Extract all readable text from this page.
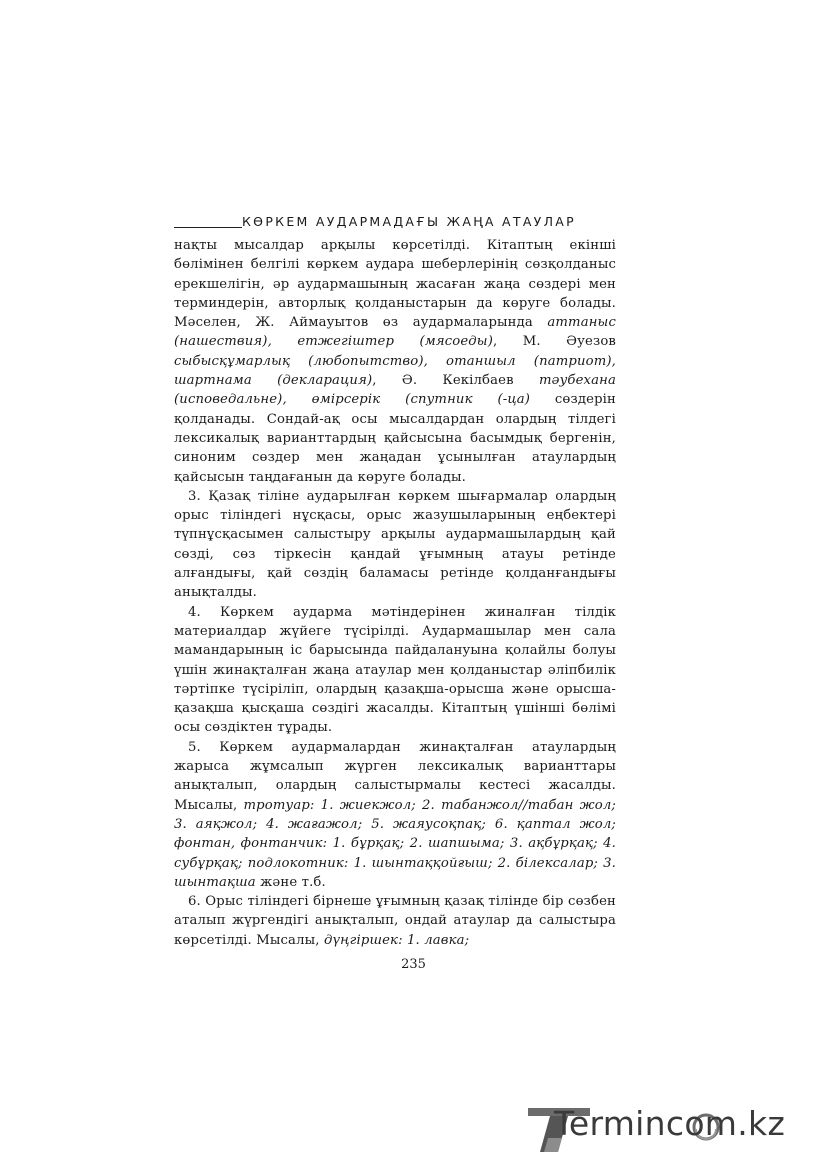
КӨРКЕМ АУДАРМАДАҒЫ ЖАҢА АТАУЛАР

нақты мысалдар арқылы көрсетілді. Кітаптың екінші бөлімінен белгілі көркем аудара шеберлерінің сөзқолданыс ерекшелігін, әр аудармашының жасаған жаңа сөздері мен терминдерін, авторлық қолданыстарын да көруге болады. Мәселен, Ж. Аймауытов өз аудармаларында аттаныс (нашествия), етжегіштер (мясоеды), М. Әуезов сыбысқұмарлық (любопытство), отаншыл (патриот), шартнама (декларация), Ә. Кекілбаев тәубехана (исповедальне), өмірсерік (спутник (-ца) сөздерін қолданады. Сондай-ақ осы мысалдардан олардың тілдегі лексикалық варианттардың қайсысына басымдық бергенін, синоним сөздер мен жаңадан ұсынылған атаулардың қайсысын таңдағанын да көруге болады.

3. Қазақ тіліне аударылған көркем шығармалар олардың орыс тіліндегі нұсқасы, орыс жазушыларының еңбектері түпнұсқасымен салыстыру арқылы аудармашылардың қай сөзді, сөз тіркесін қандай ұғымның атауы ретінде алғандығы, қай сөздің баламасы ретінде қолданғандығы анықталды.

4. Көркем аударма мәтіндерінен жиналған тілдік материалдар жүйеге түсірілді. Аудармашылар мен сала мамандарының іс барысында пайдалануына қолайлы болуы үшін жинақталған жаңа атаулар мен қолданыстар әліпбилік тәртіпке түсіріліп, олардың қазақша-орысша және орысша-қазақша қысқаша сөздігі жасалды. Кітаптың үшінші бөлімі осы сөздіктен тұрады.

5. Көркем аудармалардан жинақталған атаулардың жарыса жұмсалып жүрген лексикалық варианттары анықталып, олардың салыстырмалы кестесі жасалды. Мысалы, тротуар: 1. жиекжол; 2. табанжол//табан жол; 3. аяқжол; 4. жағажол; 5. жаяусоқпақ; 6. қаптал жол; фонтан, фонтанчик: 1. бұрқақ; 2. шапшыма; 3. ақбұрқақ; 4. субұрқақ; подлокотник: 1. шынтаққойғыш; 2. білексалар; 3. шынтақша және т.б.

6. Орыс тіліндегі бірнеше ұғымның қазақ тілінде бір сөзбен аталып жүргендігі анықталып, ондай атаулар да салыстыра көрсетілді. Мысалы, дүңгіршек: 1. лавка;

235
Termincom.kz
